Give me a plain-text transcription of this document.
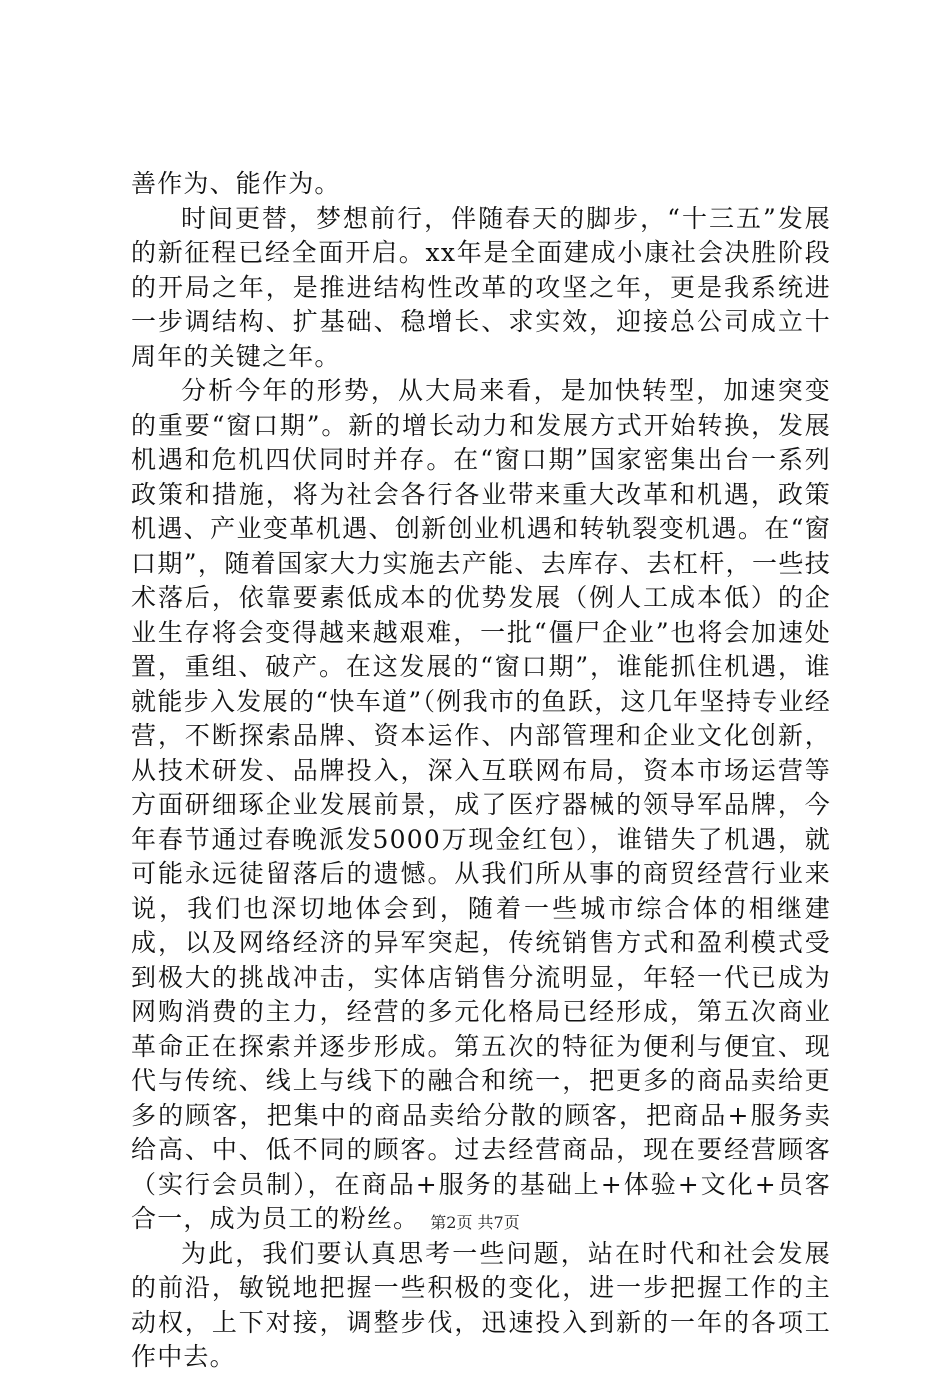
善作为、能作为。

时间更替，梦想前行，伴随春天的脚步，“十三五”发展的新征程已经全面开启。xx年是全面建成小康社会决胜阶段的开局之年，是推进结构性改革的攻坚之年，更是我系统进一步调结构、扩基础、稳增长、求实效，迎接总公司成立十周年的关键之年。

分析今年的形势，从大局来看，是加快转型，加速突变的重要“窗口期”。新的增长动力和发展方式开始转换，发展机遇和危机四伏同时并存。在“窗口期”国家密集出台一系列政策和措施，将为社会各行各业带来重大改革和机遇，政策机遇、产业变革机遇、创新创业机遇和转轨裂变机遇。在“窗口期”，随着国家大力实施去产能、去库存、去杠杆，一些技术落后，依靠要素低成本的优势发展（例人工成本低）的企业生存将会变得越来越艰难，一批“僵尸企业”也将会加速处置，重组、破产。在这发展的“窗口期”，谁能抓住机遇，谁就能步入发展的“快车道”（例我市的鱼跃，这几年坚持专业经营，不断探索品牌、资本运作、内部管理和企业文化创新，从技术研发、品牌投入，深入互联网布局，资本市场运营等方面研细琢企业发展前景，成了医疗器械的领导军品牌，今年春节通过春晚派发5000万现金红包），谁错失了机遇，就可能永远徒留落后的遗憾。从我们所从事的商贸经营行业来说，我们也深切地体会到，随着一些城市综合体的相继建成，以及网络经济的异军突起，传统销售方式和盈利模式受到极大的挑战冲击，实体店销售分流明显，年轻一代已成为网购消费的主力，经营的多元化格局已经形成，第五次商业革命正在探索并逐步形成。第五次的特征为便利与便宜、现代与传统、线上与线下的融合和统一，把更多的商品卖给更多的顾客，把集中的商品卖给分散的顾客，把商品+服务卖给高、中、低不同的顾客。过去经营商品，现在要经营顾客（实行会员制），在商品+服务的基础上+体验+文化+员客合一，成为员工的粉丝。

为此，我们要认真思考一些问题，站在时代和社会发展的前沿，敏锐地把握一些积极的变化，进一步把握工作的主动权，上下对接，调整步伐，迅速投入到新的一年的各项工作中去。

第2页 共7页
